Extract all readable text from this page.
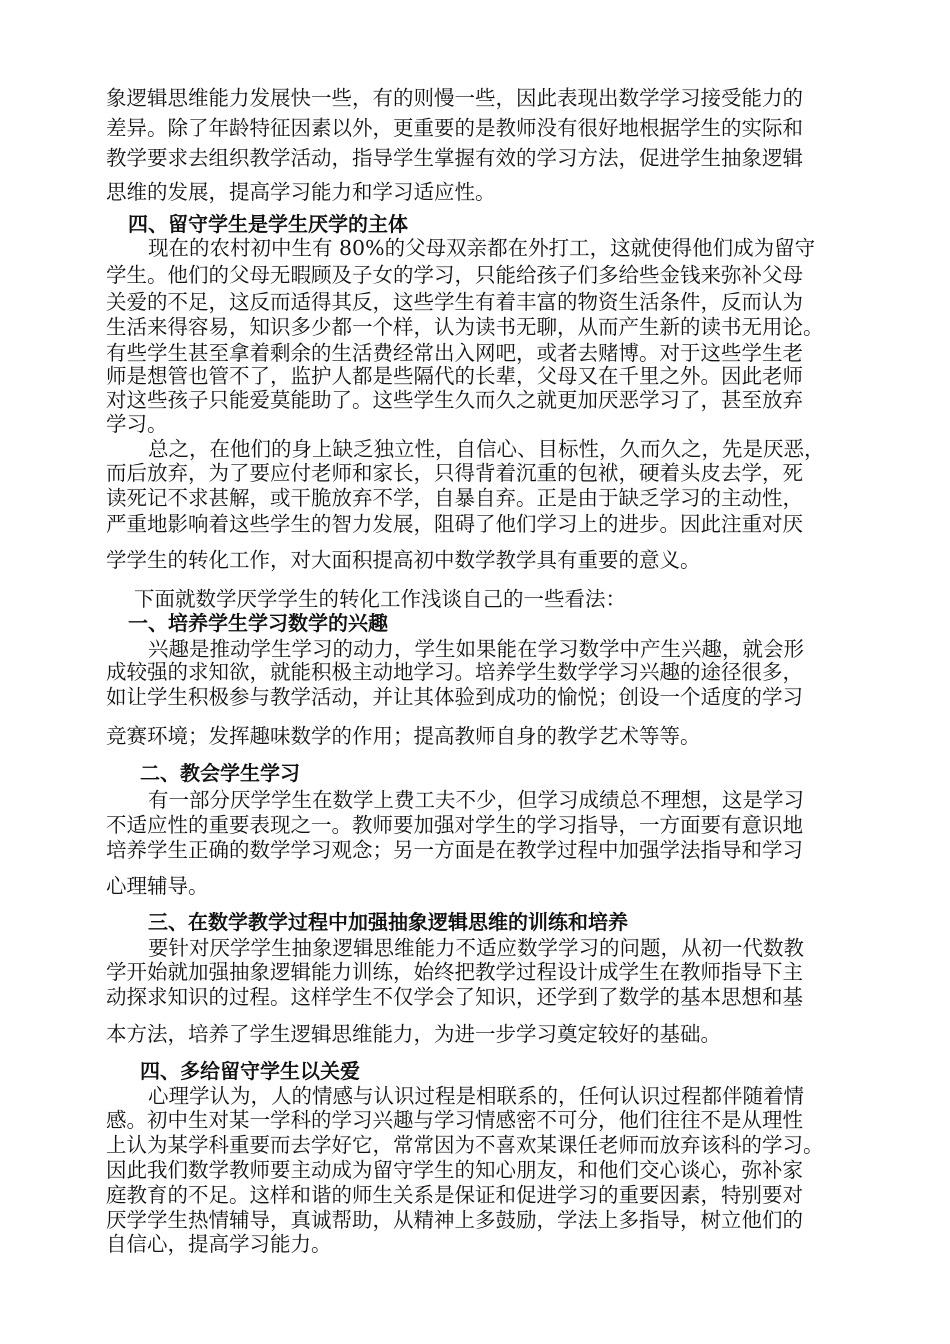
象逻辑思维能力发展快一些，有的则慢一些，因此表现出数学学习接受能力的
差异。除了年龄特征因素以外，更重要的是教师没有很好地根据学生的实际和
教学要求去组织教学活动，指导学生掌握有效的学习方法，促进学生抽象逻辑
思维的发展，提高学习能力和学习适应性。
四、留守学生是学生厌学的主体
现在的农村初中生有 80%的父母双亲都在外打工，这就使得他们成为留守
学生。他们的父母无暇顾及子女的学习，只能给孩子们多给些金钱来弥补父母
关爱的不足，这反而适得其反，这些学生有着丰富的物资生活条件，反而认为
生活来得容易，知识多少都一个样，认为读书无聊，从而产生新的读书无用论。
有些学生甚至拿着剩余的生活费经常出入网吧，或者去赌博。对于这些学生老
师是想管也管不了，监护人都是些隔代的长辈，父母又在千里之外。因此老师
对这些孩子只能爱莫能助了。这些学生久而久之就更加厌恶学习了，甚至放弃
学习。
总之，在他们的身上缺乏独立性，自信心、目标性，久而久之，先是厌恶，
而后放弃，为了要应付老师和家长，只得背着沉重的包袱，硬着头皮去学，死
读死记不求甚解，或干脆放弃不学，自暴自弃。正是由于缺乏学习的主动性，
严重地影响着这些学生的智力发展，阻碍了他们学习上的进步。因此注重对厌
学学生的转化工作，对大面积提高初中数学教学具有重要的意义。
下面就数学厌学学生的转化工作浅谈自己的一些看法：
一、培养学生学习数学的兴趣
兴趣是推动学生学习的动力，学生如果能在学习数学中产生兴趣，就会形
成较强的求知欲，就能积极主动地学习。培养学生数学学习兴趣的途径很多，
如让学生积极参与教学活动，并让其体验到成功的愉悦；创设一个适度的学习
竞赛环境；发挥趣味数学的作用；提高教师自身的教学艺术等等。
二、教会学生学习
有一部分厌学学生在数学上费工夫不少，但学习成绩总不理想，这是学习
不适应性的重要表现之一。教师要加强对学生的学习指导，一方面要有意识地
培养学生正确的数学学习观念；另一方面是在教学过程中加强学法指导和学习
心理辅导。
三、在数学教学过程中加强抽象逻辑思维的训练和培养
要针对厌学学生抽象逻辑思维能力不适应数学学习的问题，从初一代数教
学开始就加强抽象逻辑能力训练，始终把教学过程设计成学生在教师指导下主
动探求知识的过程。这样学生不仅学会了知识，还学到了数学的基本思想和基
本方法，培养了学生逻辑思维能力，为进一步学习奠定较好的基础。
四、多给留守学生以关爱
心理学认为，人的情感与认识过程是相联系的，任何认识过程都伴随着情
感。初中生对某一学科的学习兴趣与学习情感密不可分，他们往往不是从理性
上认为某学科重要而去学好它，常常因为不喜欢某课任老师而放弃该科的学习。
因此我们数学教师要主动成为留守学生的知心朋友，和他们交心谈心，弥补家
庭教育的不足。这样和谐的师生关系是保证和促进学习的重要因素，特别要对
厌学学生热情辅导，真诚帮助，从精神上多鼓励，学法上多指导，树立他们的
自信心，提高学习能力。
